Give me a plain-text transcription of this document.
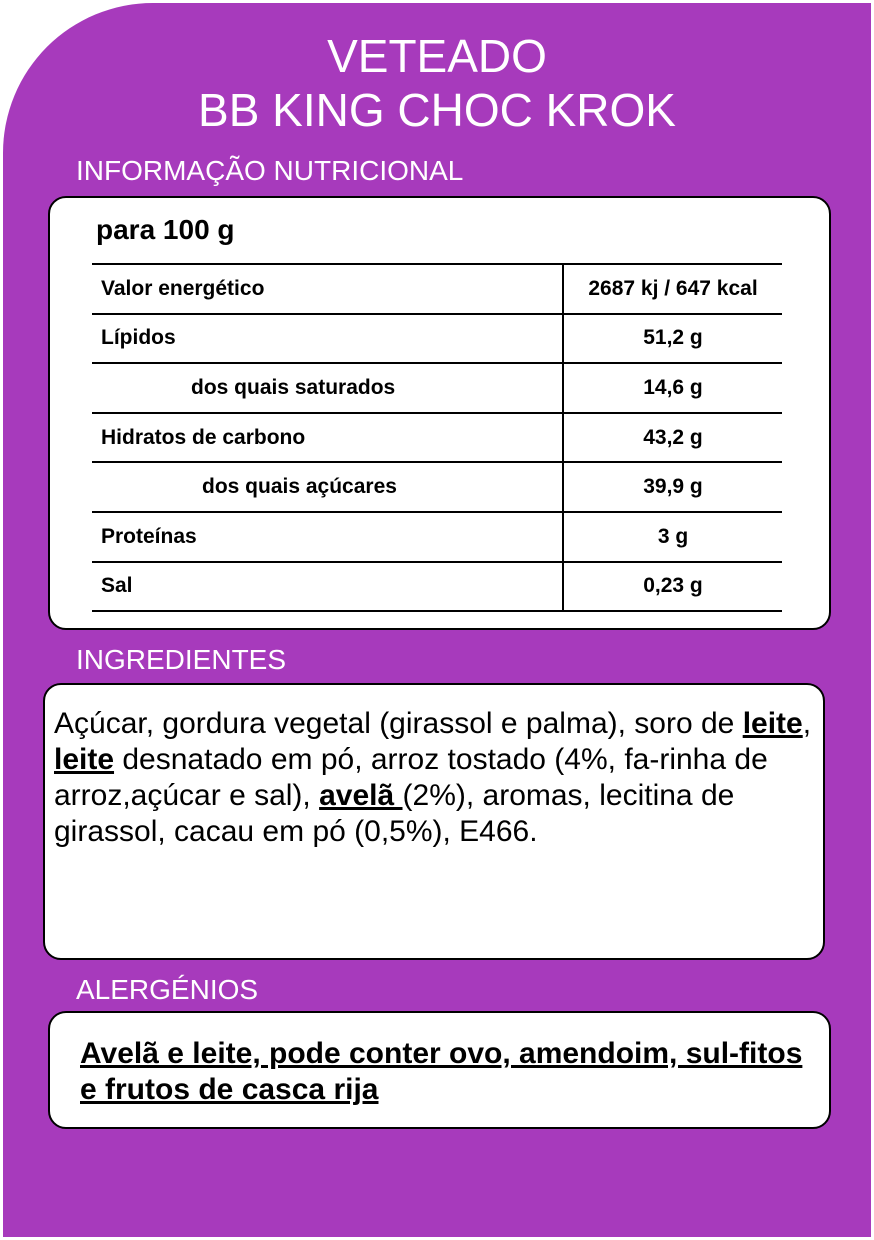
VETEADO
BB KING CHOC KROK
INFORMAÇÃO NUTRICIONAL
para 100 g
Valor energético	2687 kj / 647 kcal
Lípidos	51,2 g
dos quais saturados	14,6 g
Hidratos de carbono	43,2 g
dos quais açúcares	39,9 g
Proteínas	3 g
Sal	0,23 g
INGREDIENTES
Açúcar, gordura vegetal (girassol e palma), soro de leite, leite desnatado em pó, arroz tostado (4%, fa-rinha de arroz,açúcar e sal), avelã (2%), aromas, lecitina de girassol, cacau em pó (0,5%), E466.
ALERGÉNIOS
Avelã e leite, pode conter ovo, amendoim, sul-fitos e frutos de casca rija
